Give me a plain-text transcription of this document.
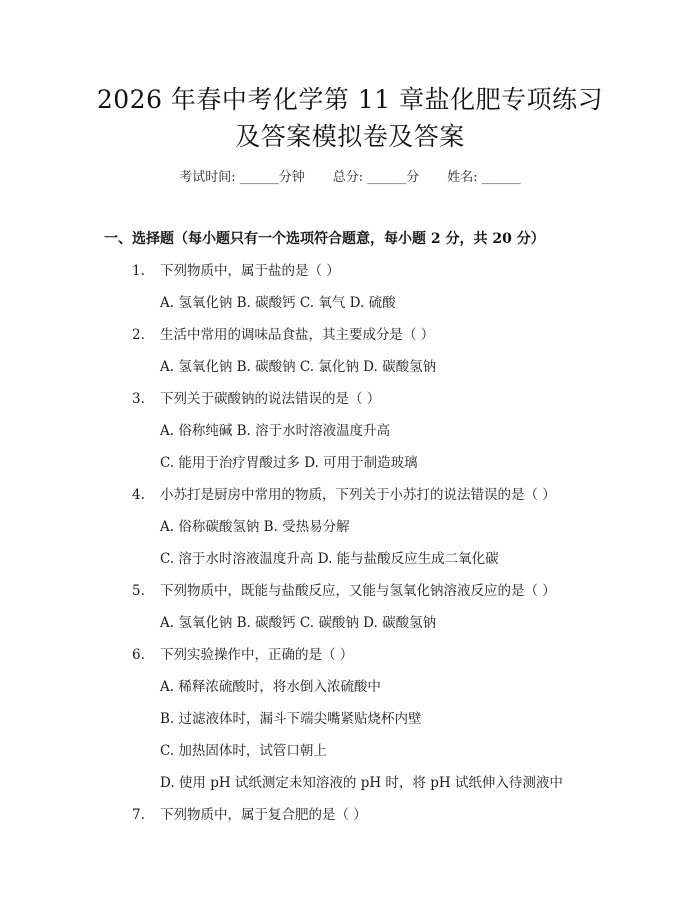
2026 年春中考化学第 11 章盐化肥专项练习
及答案模拟卷及答案
考试时间: ______分钟 总分: ______分 姓名: ______
一、选择题（每小题只有一个选项符合题意，每小题 2 分，共 20 分）
1.	下列物质中，属于盐的是（ ）
A. 氢氧化钠 B. 碳酸钙 C. 氧气 D. 硫酸
2.	生活中常用的调味品食盐，其主要成分是（ ）
A. 氢氧化钠 B. 碳酸钠 C. 氯化钠 D. 碳酸氢钠
3.	下列关于碳酸钠的说法错误的是（ ）
A. 俗称纯碱 B. 溶于水时溶液温度升高
C. 能用于治疗胃酸过多 D. 可用于制造玻璃
4.	小苏打是厨房中常用的物质，下列关于小苏打的说法错误的是（ ）
A. 俗称碳酸氢钠 B. 受热易分解
C. 溶于水时溶液温度升高 D. 能与盐酸反应生成二氧化碳
5.	下列物质中，既能与盐酸反应，又能与氢氧化钠溶液反应的是（ ）
A. 氢氧化钠 B. 碳酸钙 C. 碳酸钠 D. 碳酸氢钠
6.	下列实验操作中，正确的是（ ）
A. 稀释浓硫酸时，将水倒入浓硫酸中
B. 过滤液体时，漏斗下端尖嘴紧贴烧杯内壁
C. 加热固体时，试管口朝上
D. 使用 pH 试纸测定未知溶液的 pH 时，将 pH 试纸伸入待测液中
7.	下列物质中，属于复合肥的是（ ）
